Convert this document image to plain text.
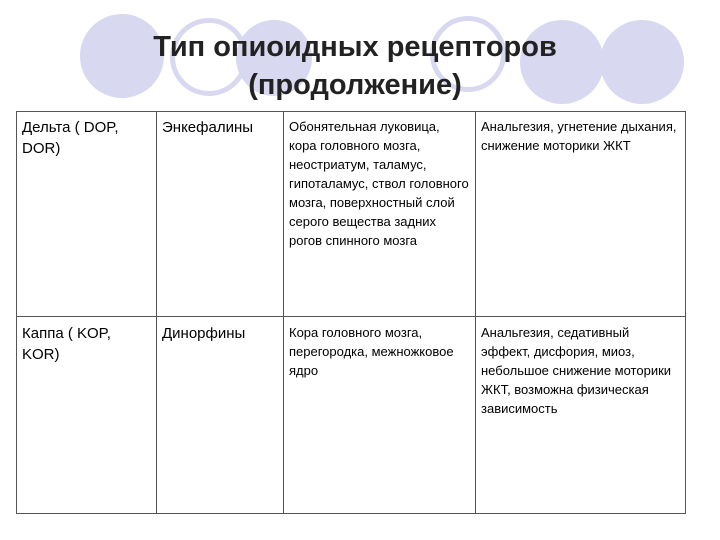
Тип опиоидных рецепторов
(продолжение)
Дельта ( DOP, DOR)	Энкефалины	Обонятельная луковица, кора головного мозга, неостриатум, таламус, гипоталамус, ствол головного мозга, поверхностный слой серого вещества задних рогов спинного мозга	Анальгезия, угнетение дыхания, снижение моторики ЖКТ
Каппа ( KOP, KOR)	Динорфины	Кора головного мозга, перегородка, межножковое ядро	Анальгезия, седативный эффект, дисфория, миоз, небольшое снижение моторики ЖКТ, возможна физическая зависимость
